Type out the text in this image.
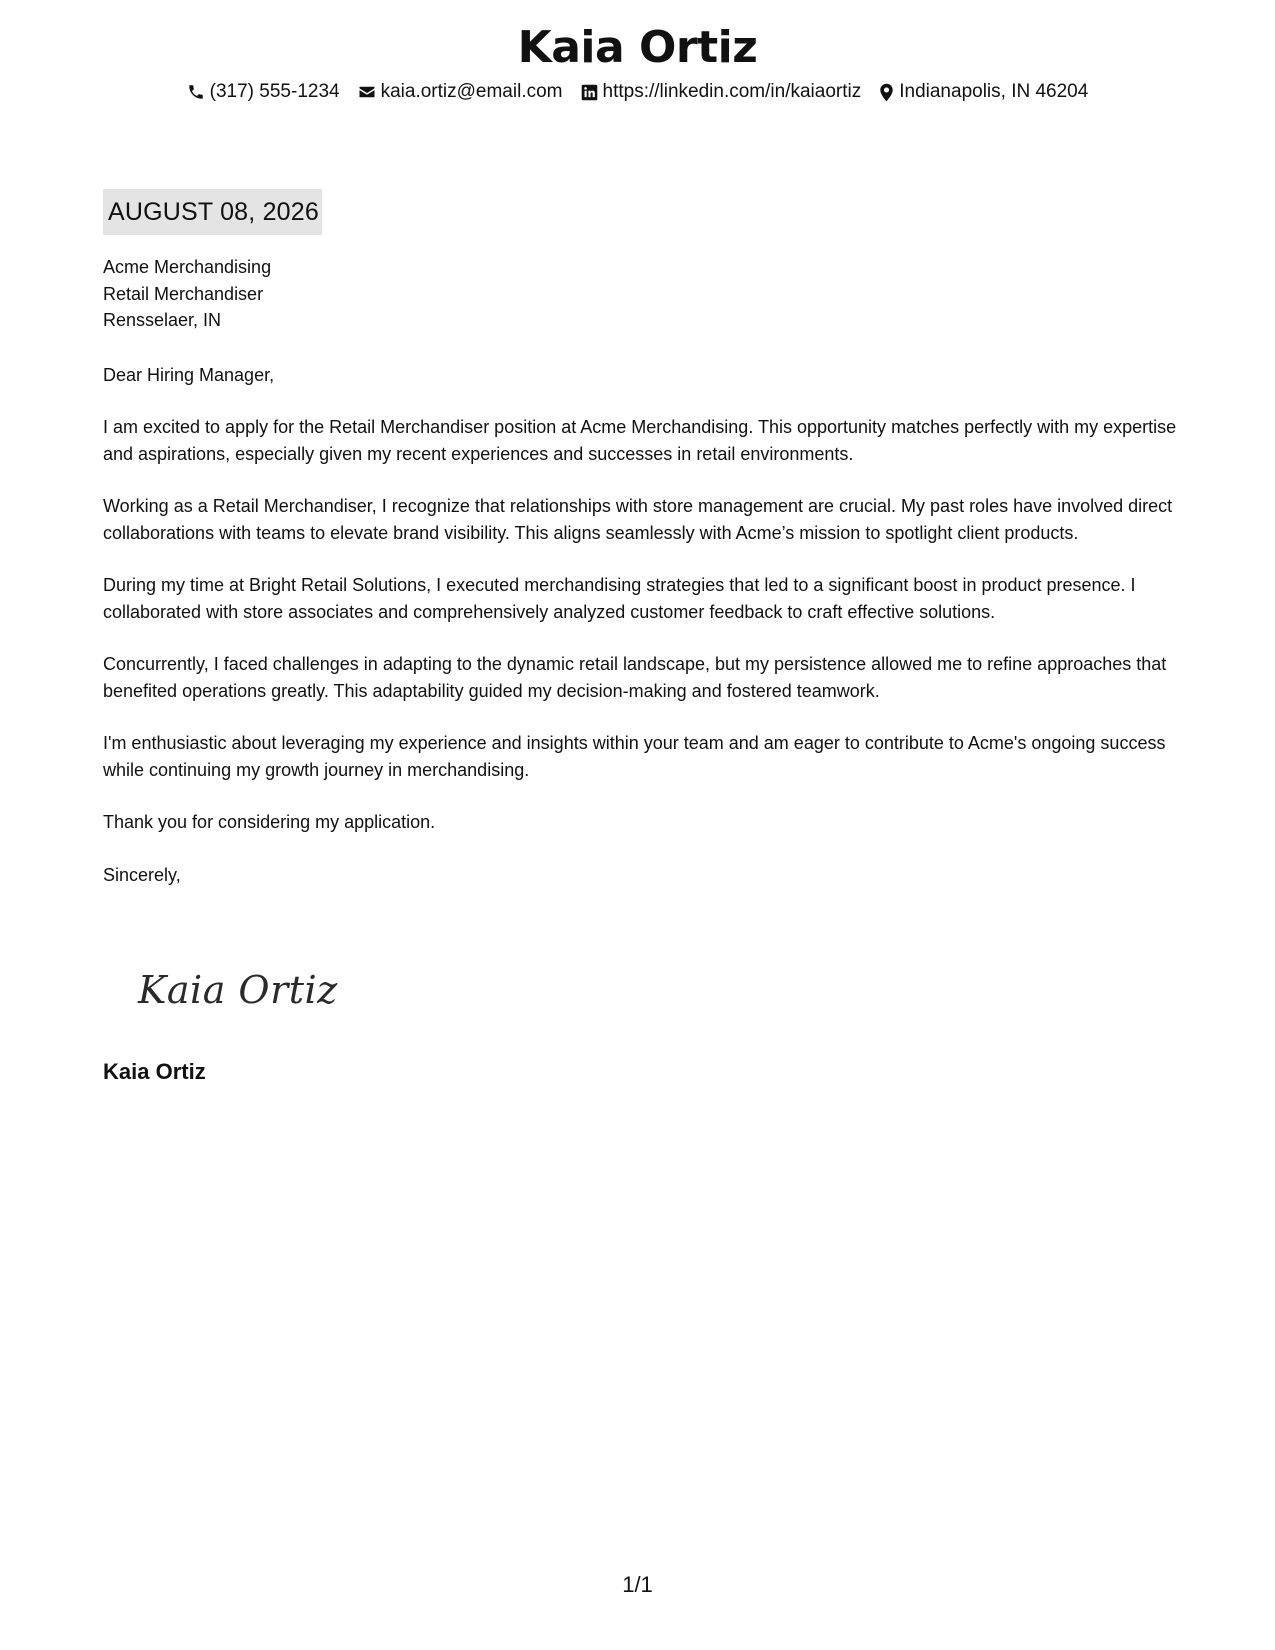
Kaia Ortiz
(317) 555-1234 kaia.ortiz@email.com https://linkedin.com/in/kaiaortiz Indianapolis, IN 46204
AUGUST 08, 2026
Acme Merchandising
Retail Merchandiser
Rensselaer, IN

Dear Hiring Manager,

I am excited to apply for the Retail Merchandiser position at Acme Merchandising. This opportunity matches perfectly with my expertise and aspirations, especially given my recent experiences and successes in retail environments.

Working as a Retail Merchandiser, I recognize that relationships with store management are crucial. My past roles have involved direct collaborations with teams to elevate brand visibility. This aligns seamlessly with Acme’s mission to spotlight client products.

During my time at Bright Retail Solutions, I executed merchandising strategies that led to a significant boost in product presence. I collaborated with store associates and comprehensively analyzed customer feedback to craft effective solutions.

Concurrently, I faced challenges in adapting to the dynamic retail landscape, but my persistence allowed me to refine approaches that benefited operations greatly. This adaptability guided my decision-making and fostered teamwork.

I'm enthusiastic about leveraging my experience and insights within your team and am eager to contribute to Acme's ongoing success while continuing my growth journey in merchandising.

Thank you for considering my application.

Sincerely,

Kaia Ortiz
Kaia Ortiz
1/1
